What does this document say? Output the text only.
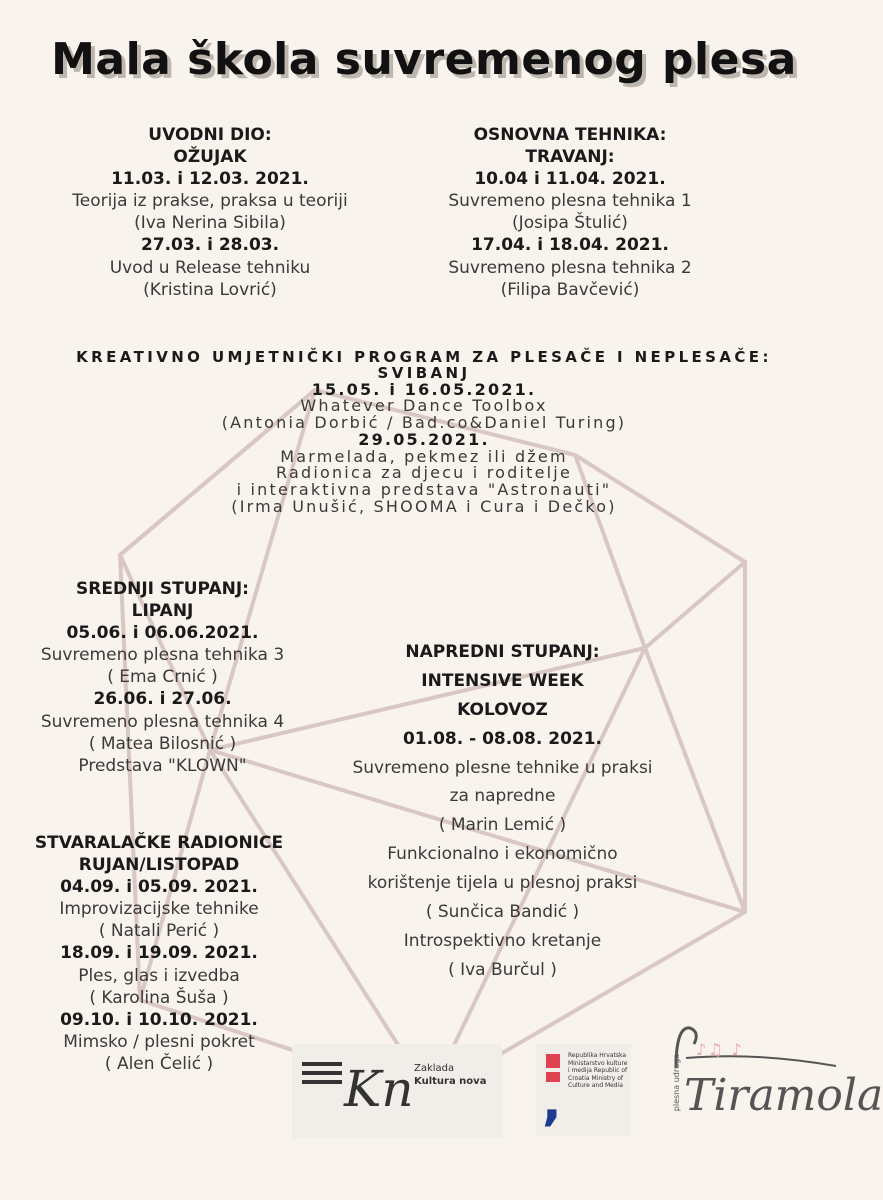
Mala škola suvremenog plesa
UVODNI DIO:
OŽUJAK
11.03. i 12.03. 2021.
Teorija iz prakse, praksa u teoriji
(Iva Nerina Sibila)
27.03. i 28.03.
Uvod u Release tehniku
(Kristina Lovrić)
OSNOVNA TEHNIKA:
TRAVANJ:
10.04 i 11.04. 2021.
Suvremeno plesna tehnika 1
(Josipa Štulić)
17.04. i 18.04. 2021.
Suvremeno plesna tehnika 2
(Filipa Bavčević)
KREATIVNO UMJETNIČKI PROGRAM ZA PLESAČE I NEPLESAČE:
SVIBANJ
15.05. i 16.05.2021.
Whatever Dance Toolbox
(Antonia Dorbić / Bad.co&Daniel Turing)
29.05.2021.
Marmelada, pekmez ili džem
Radionica za djecu i roditelje
i interaktivna predstava "Astronauti"
(Irma Unušić, SHOOMA i Cura i Dečko)
SREDNJI STUPANJ:
LIPANJ
05.06. i 06.06.2021.
Suvremeno plesna tehnika 3
( Ema Crnić )
26.06. i 27.06.
Suvremeno plesna tehnika 4
( Matea Bilosnić )
Predstava "KLOWN"
NAPREDNI STUPANJ:
INTENSIVE WEEK
KOLOVOZ
01.08. - 08.08. 2021.
Suvremeno plesne tehnike u praksi
za napredne
( Marin Lemić )
Funkcionalno i ekonomično
korištenje tijela u plesnoj praksi
( Sunčica Bandić )
Introspektivno kretanje
( Iva Burčul )
STVARALAČKE RADIONICE
RUJAN/LISTOPAD
04.09. i 05.09. 2021.
Improvizacijske tehnike
( Natali Perić )
18.09. i 19.09. 2021.
Ples, glas i izvedba
( Karolina Šuša )
09.10. i 10.10. 2021.
Mimsko / plesni pokret
( Alen Čelić )	Kn Zaklada
Kultura nova ,
Republika Hrvatska Ministarstvo kulture i medija Republic of Croatia Ministry of Culture and Media
♪♫ ♪
plesna udruga Tiramola
